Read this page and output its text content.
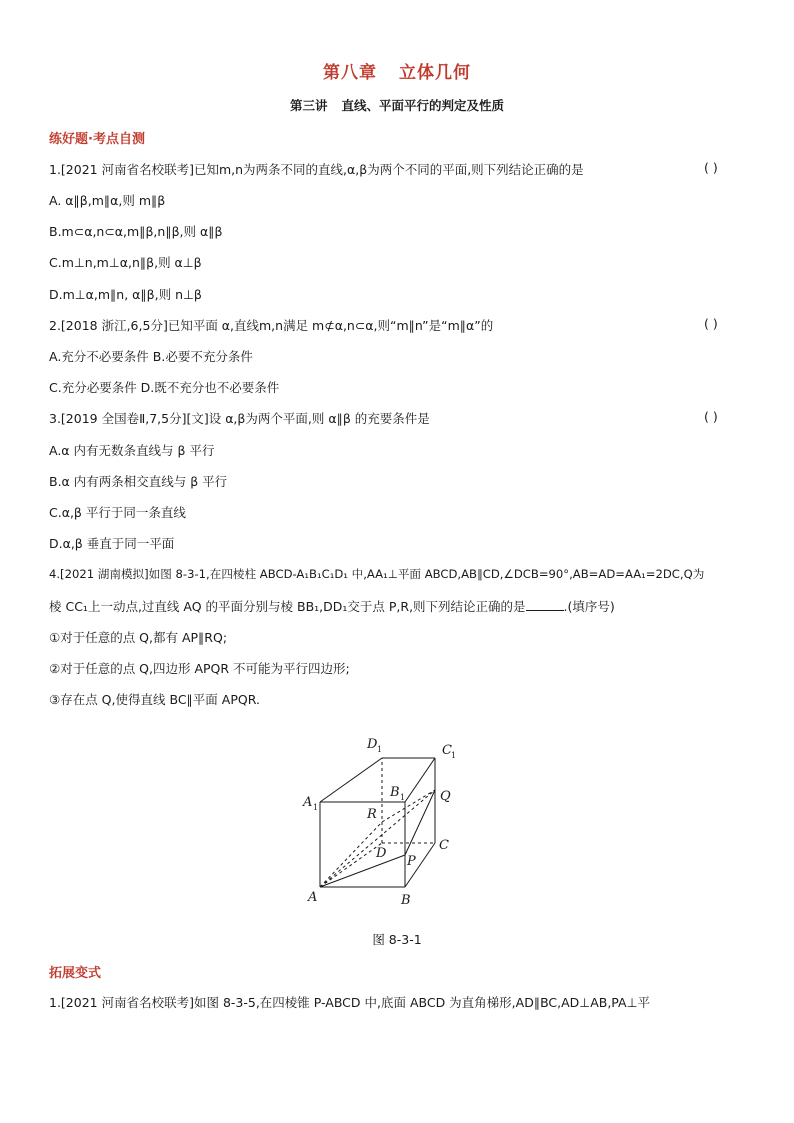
第八章 立体几何
第三讲 直线、平面平行的判定及性质
练好题·考点自测
1.[2021 河南省名校联考]已知m,n为两条不同的直线,α,β为两个不同的平面,则下列结论正确的是	( )
A. α∥β,m∥α,则 m∥β
B.m⊂α,n⊂α,m∥β,n∥β,则 α∥β
C.m⊥n,m⊥α,n∥β,则 α⊥β
D.m⊥α,m∥n, α∥β,则 n⊥β
2.[2018 浙江,6,5分]已知平面 α,直线m,n满足 m⊄α,n⊂α,则“m∥n”是“m∥α”的	( )
A.充分不必要条件 B.必要不充分条件
C.充分必要条件 D.既不充分也不必要条件
3.[2019 全国卷Ⅱ,7,5分][文]设 α,β为两个平面,则 α∥β 的充要条件是	( )
A.α 内有无数条直线与 β 平行
B.α 内有两条相交直线与 β 平行
C.α,β 平行于同一条直线
D.α,β 垂直于同一平面
4.[2021 湖南模拟]如图 8-3-1,在四棱柱 ABCD-A₁B₁C₁D₁ 中,AA₁⊥平面 ABCD,AB∥CD,∠DCB=90°,AB=AD=AA₁=2DC,Q为
棱 CC₁上一动点,过直线 AQ 的平面分别与棱 BB₁,DD₁交于点 P,R,则下列结论正确的是	.(填序号)
①对于任意的点 Q,都有 AP∥RQ;
②对于任意的点 Q,四边形 APQR 不可能为平行四边形;
③存在点 Q,使得直线 BC∥平面 APQR.
A	B
C
D
A 1
B 1
C 1
D 1
P
Q
R
图 8-3-1
拓展变式
1.[2021 河南省名校联考]如图 8-3-5,在四棱锥 P-ABCD 中,底面 ABCD 为直角梯形,AD∥BC,AD⊥AB,PA⊥平
